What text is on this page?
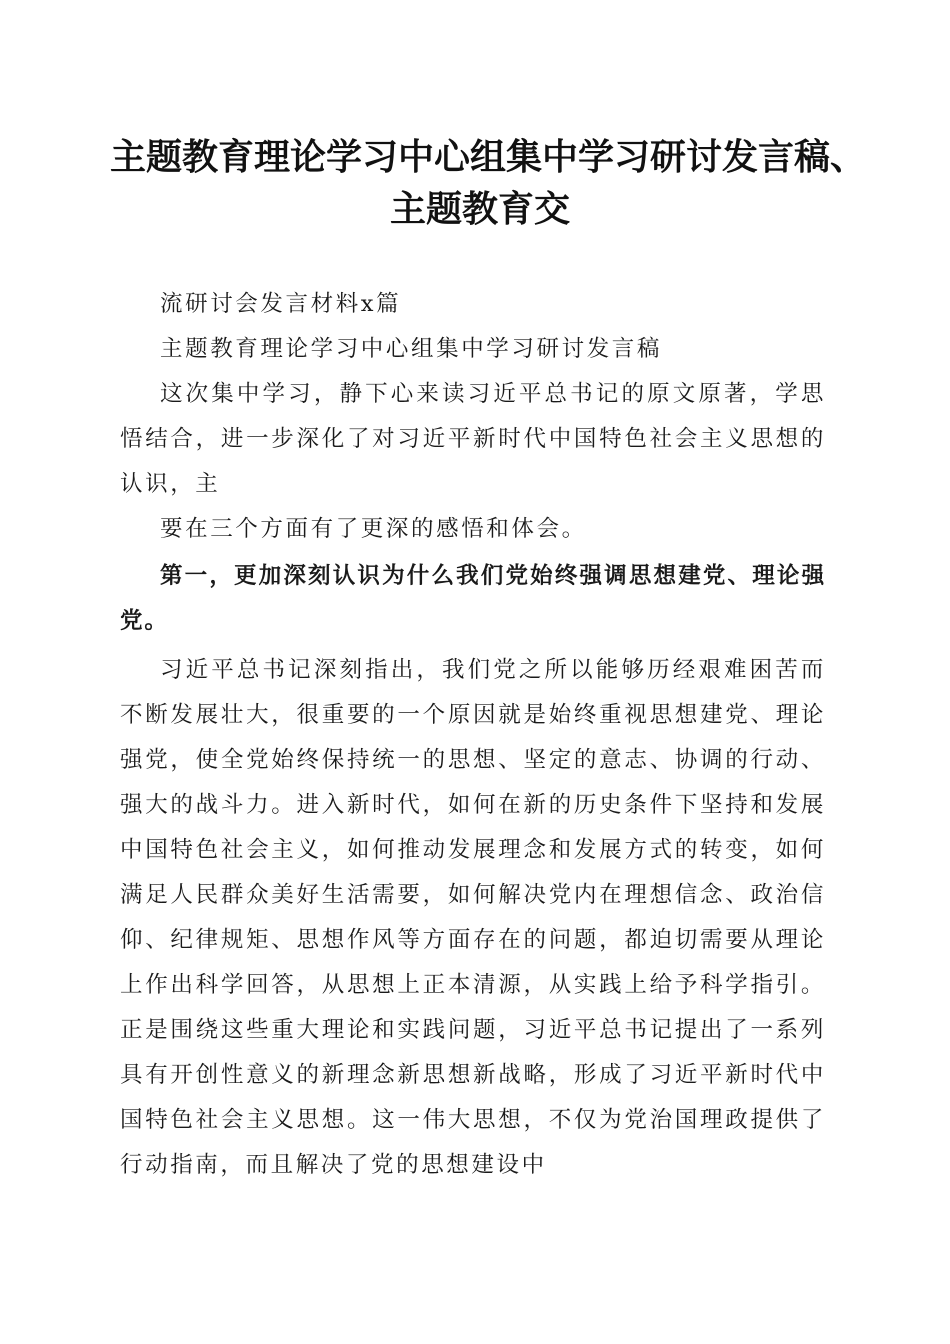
主题教育理论学习中心组集中学习研讨发言稿、
主题教育交

流研讨会发言材料x篇

主题教育理论学习中心组集中学习研讨发言稿

这次集中学习，静下心来读习近平总书记的原文原著，学思悟结合，进一步深化了对习近平新时代中国特色社会主义思想的认识，主

要在三个方面有了更深的感悟和体会。

第一，更加深刻认识为什么我们党始终强调思想建党、理论强党。

习近平总书记深刻指出，我们党之所以能够历经艰难困苦而不断发展壮大，很重要的一个原因就是始终重视思想建党、理论强党，使全党始终保持统一的思想、坚定的意志、协调的行动、强大的战斗力。进入新时代，如何在新的历史条件下坚持和发展中国特色社会主义，如何推动发展理念和发展方式的转变，如何满足人民群众美好生活需要，如何解决党内在理想信念、政治信仰、纪律规矩、思想作风等方面存在的问题，都迫切需要从理论上作出科学回答，从思想上正本清源，从实践上给予科学指引。正是围绕这些重大理论和实践问题，习近平总书记提出了一系列具有开创性意义的新理念新思想新战略，形成了习近平新时代中国特色社会主义思想。这一伟大思想，不仅为党治国理政提供了行动指南，而且解决了党的思想建设中
